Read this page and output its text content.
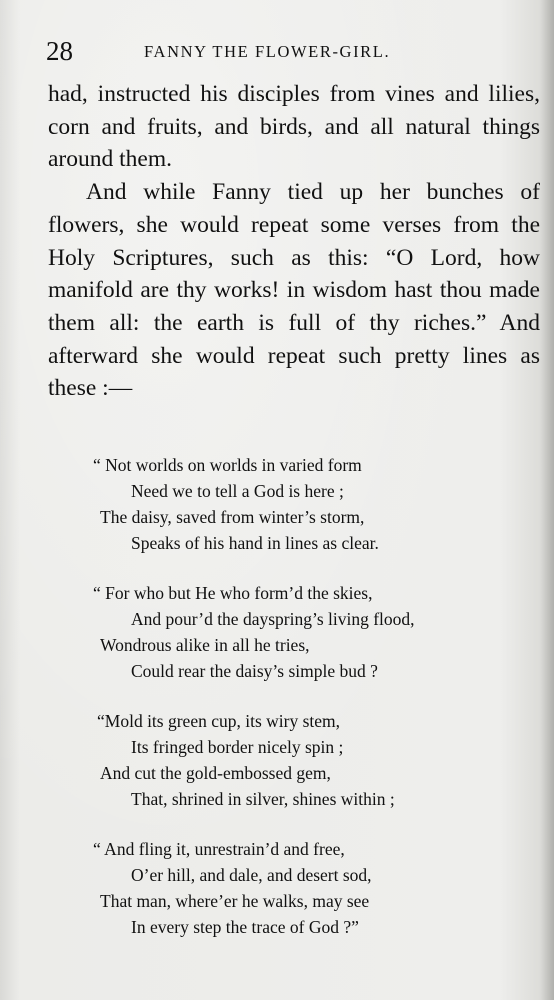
28	FANNY THE FLOWER-GIRL.

had, instructed his disciples from vines and lilies, corn and fruits, and birds, and all natural things around them.

And while Fanny tied up her bunches of flowers, she would repeat some verses from the Holy Scriptures, such as this: “O Lord, how manifold are thy works! in wisdom hast thou made them all: the earth is full of thy riches.” And afterward she would repeat such pretty lines as these :—

“ Not worlds on worlds in varied form
Need we to tell a God is here ;
The daisy, saved from winter’s storm,
Speaks of his hand in lines as clear.
“ For who but He who form’d the skies,
And pour’d the dayspring’s living flood,
Wondrous alike in all he tries,
Could rear the daisy’s simple bud ?
“Mold its green cup, its wiry stem,
Its fringed border nicely spin ;
And cut the gold-embossed gem,
That, shrined in silver, shines within ;
“ And fling it, unrestrain’d and free,
O’er hill, and dale, and desert sod,
That man, where’er he walks, may see
In every step the trace of God ?”
